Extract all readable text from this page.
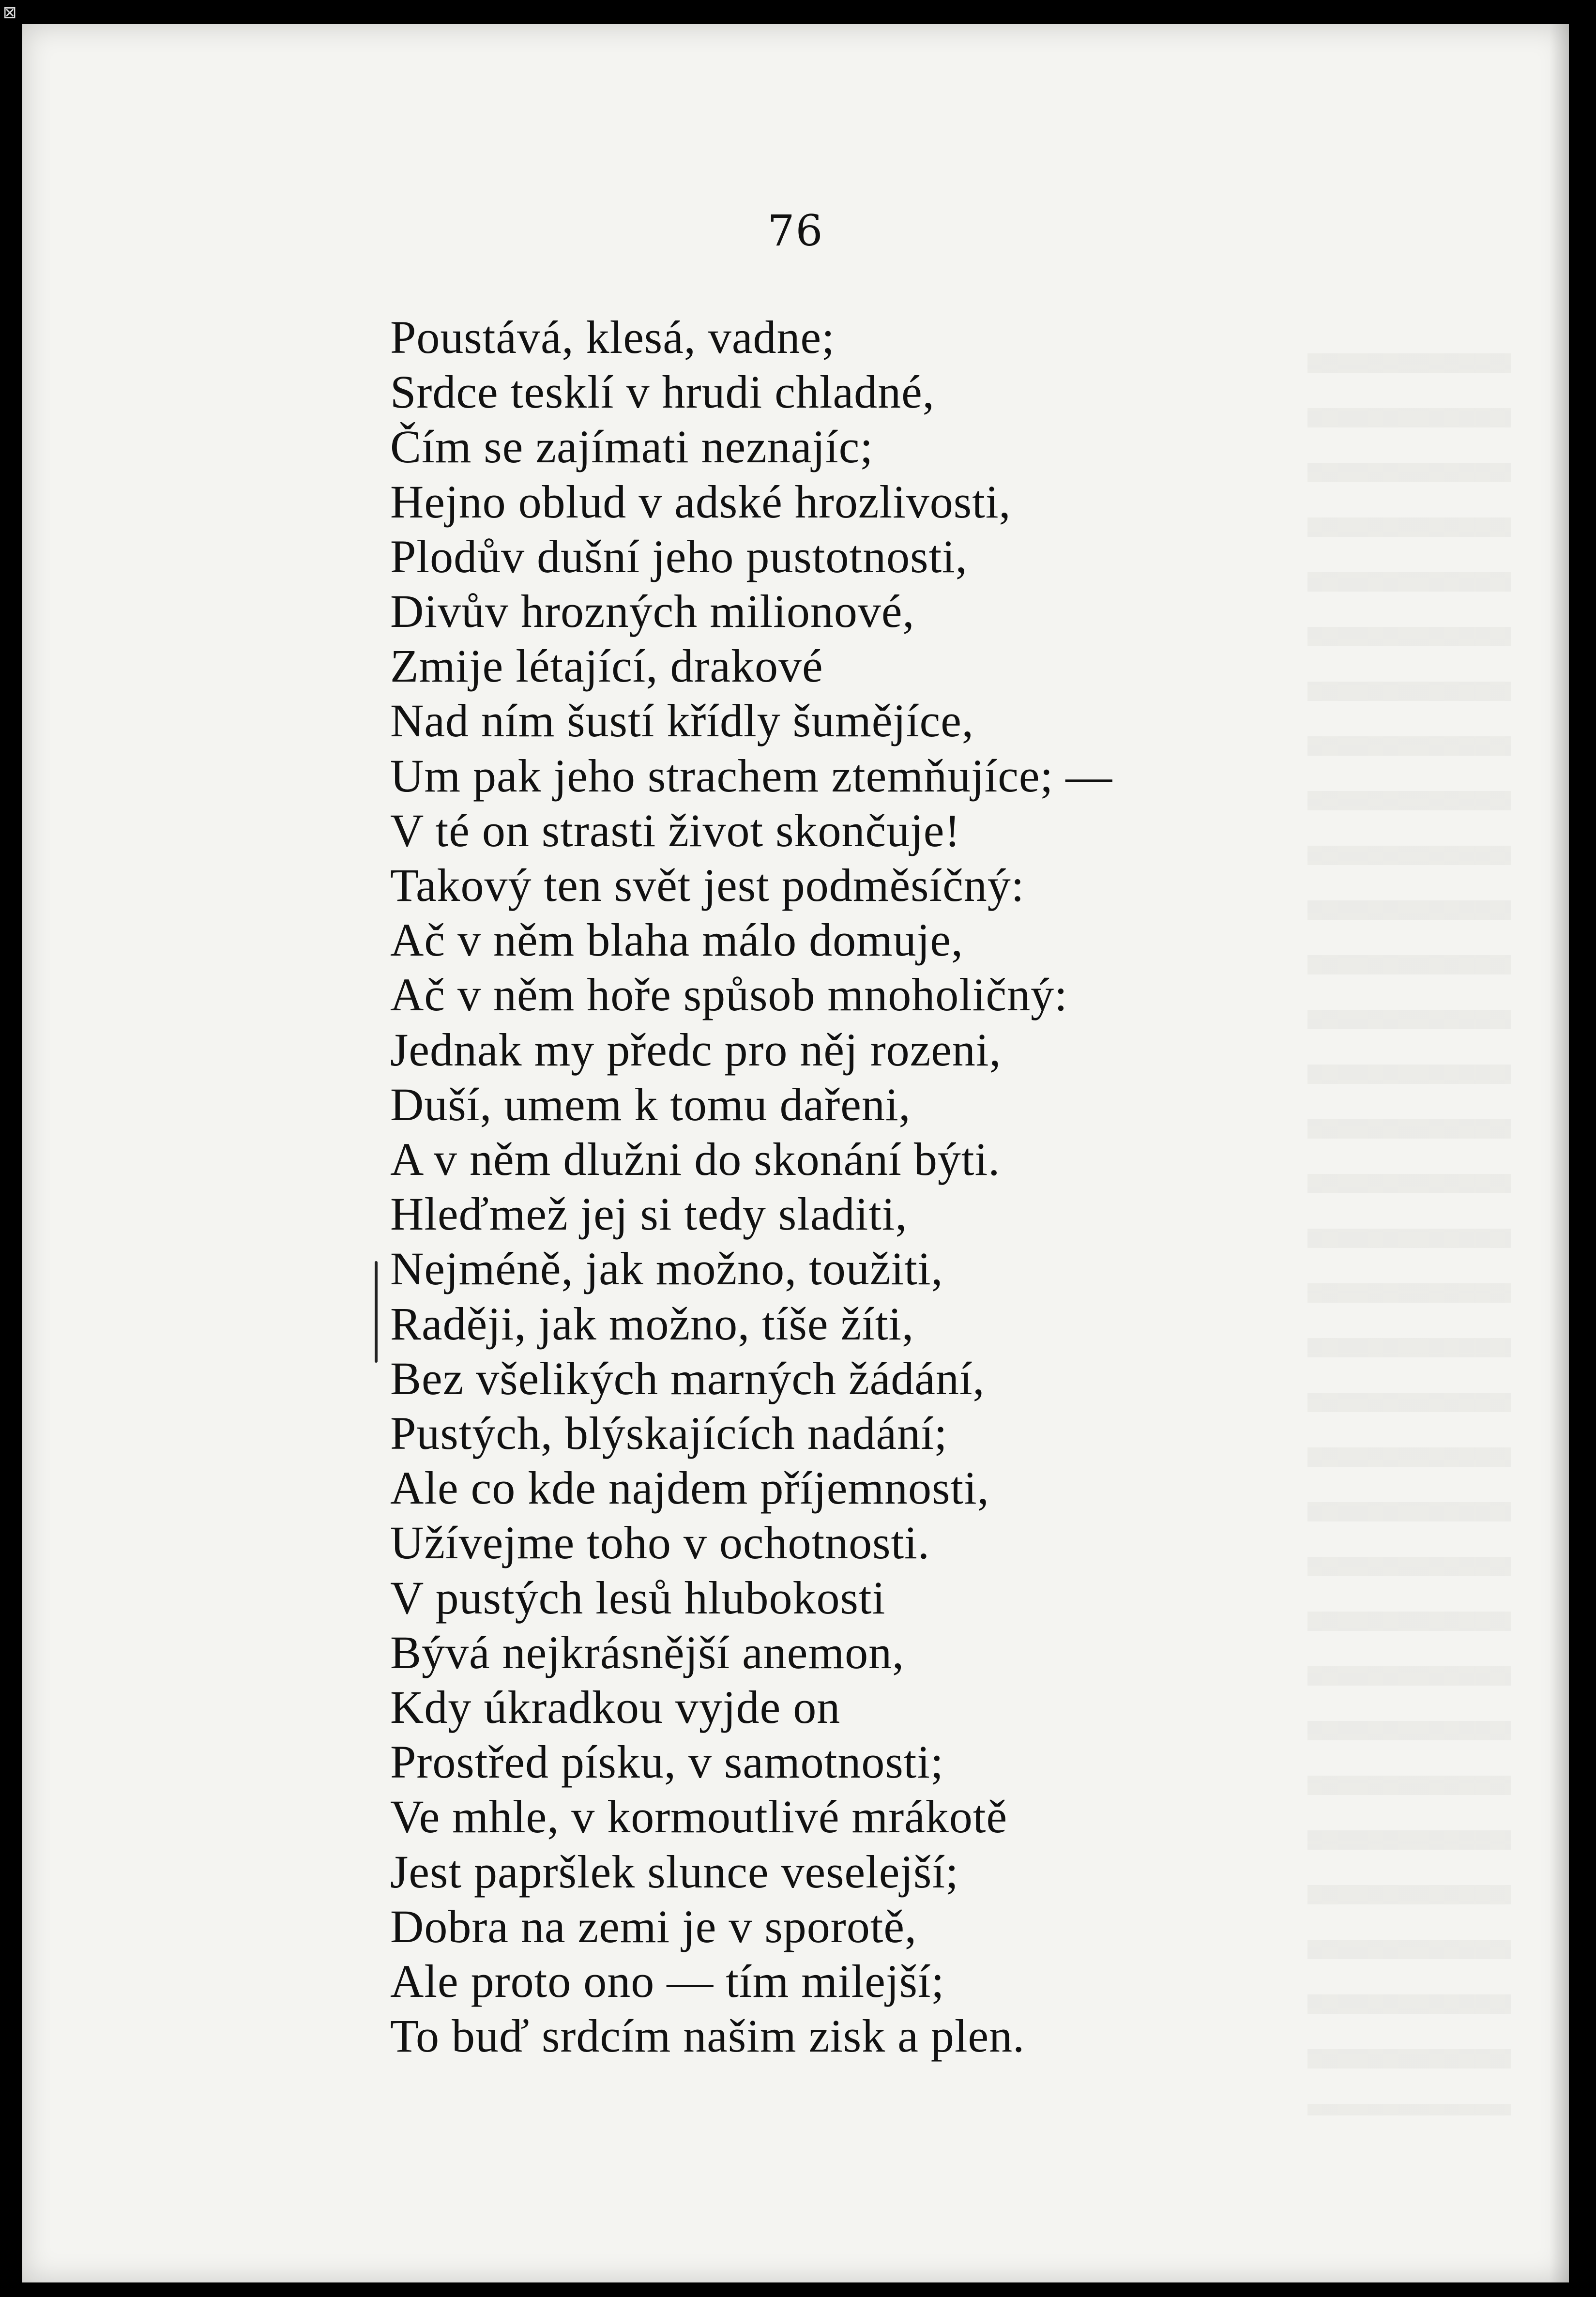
⊠
76
Poustává, klesá, vadne;
Srdce tesklí v hrudi chladné,
Čím se zajímati neznajíc;
Hejno oblud v adské hrozlivosti,
Plodův dušní jeho pustotnosti,
Divův hrozných milionové,
Zmije létající, drakové
Nad ním šustí křídly šumějíce,
Um pak jeho strachem ztemňujíce; —
V té on strasti život skončuje!
Takový ten svět jest podměsíčný:
Ač v něm blaha málo domuje,
Ač v něm hoře spůsob mnoholičný:
Jednak my předc pro něj rozeni,
Duší, umem k tomu dařeni,
A v něm dlužni do skonání býti.
Hleďmež jej si tedy sladiti,
Nejméně, jak možno, toužiti,
Raději, jak možno, tíše žíti,
Bez všelikých marných žádání,
Pustých, blýskajících nadání;
Ale co kde najdem příjemnosti,
Užívejme toho v ochotnosti.
V pustých lesů hlubokosti
Bývá nejkrásnější anemon,
Kdy úkradkou vyjde on
Prostřed písku, v samotnosti;
Ve mhle, v kormoutlivé mrákotě
Jest papršlek slunce veselejší;
Dobra na zemi je v sporotě,
Ale proto ono — tím milejší;
To buď srdcím našim zisk a plen.
